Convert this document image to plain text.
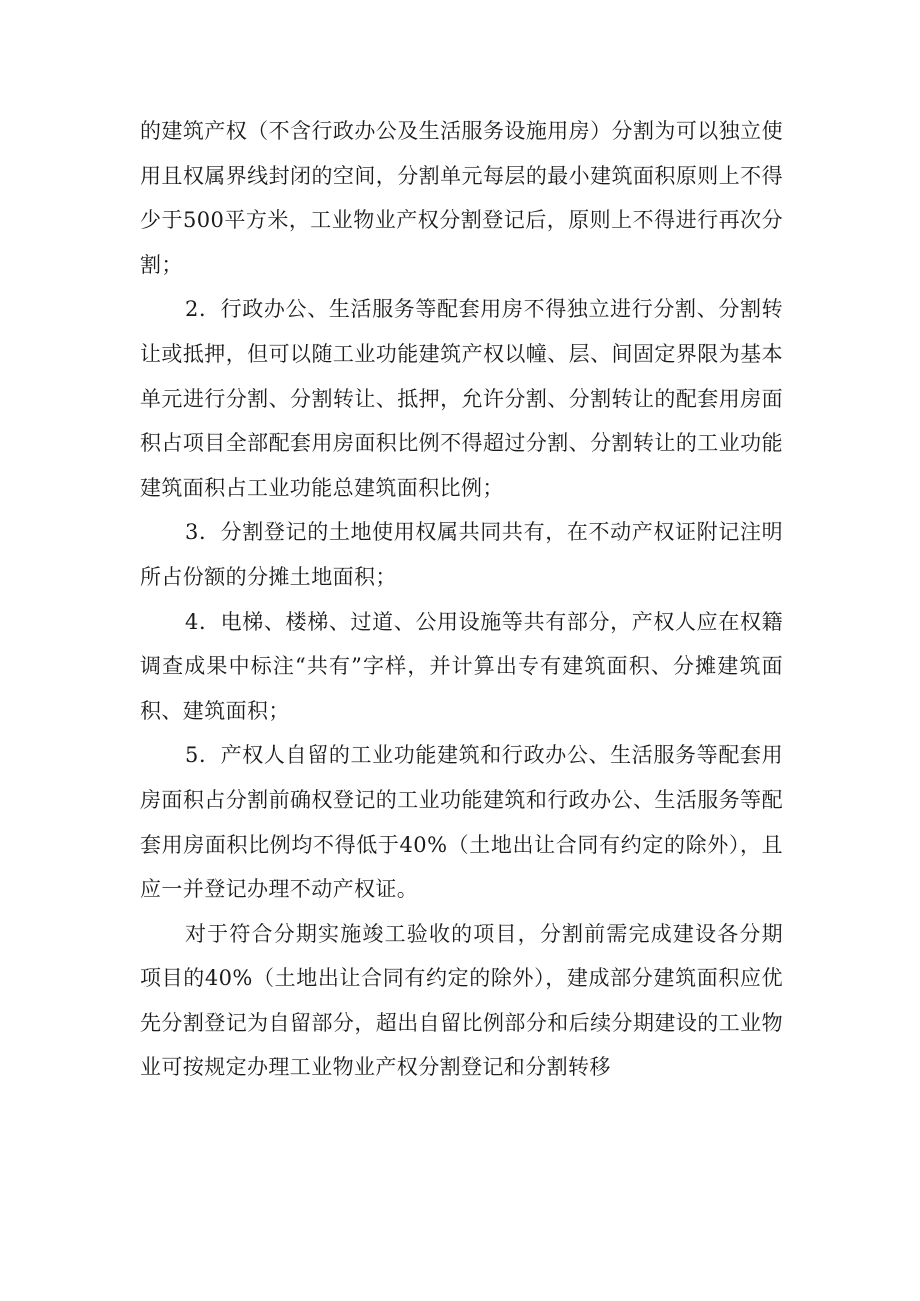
的建筑产权（不含行政办公及生活服务设施用房）分割为可以独立使用且权属界线封闭的空间，分割单元每层的最小建筑面积原则上不得少于500平方米，工业物业产权分割登记后，原则上不得进行再次分割；

2．行政办公、生活服务等配套用房不得独立进行分割、分割转让或抵押，但可以随工业功能建筑产权以幢、层、间固定界限为基本单元进行分割、分割转让、抵押，允许分割、分割转让的配套用房面积占项目全部配套用房面积比例不得超过分割、分割转让的工业功能建筑面积占工业功能总建筑面积比例；

3．分割登记的土地使用权属共同共有，在不动产权证附记注明所占份额的分摊土地面积；

4．电梯、楼梯、过道、公用设施等共有部分，产权人应在权籍调查成果中标注“共有”字样，并计算出专有建筑面积、分摊建筑面积、建筑面积；

5．产权人自留的工业功能建筑和行政办公、生活服务等配套用房面积占分割前确权登记的工业功能建筑和行政办公、生活服务等配套用房面积比例均不得低于40%（土地出让合同有约定的除外），且应一并登记办理不动产权证。

对于符合分期实施竣工验收的项目，分割前需完成建设各分期项目的40%（土地出让合同有约定的除外），建成部分建筑面积应优先分割登记为自留部分，超出自留比例部分和后续分期建设的工业物业可按规定办理工业物业产权分割登记和分割转移
